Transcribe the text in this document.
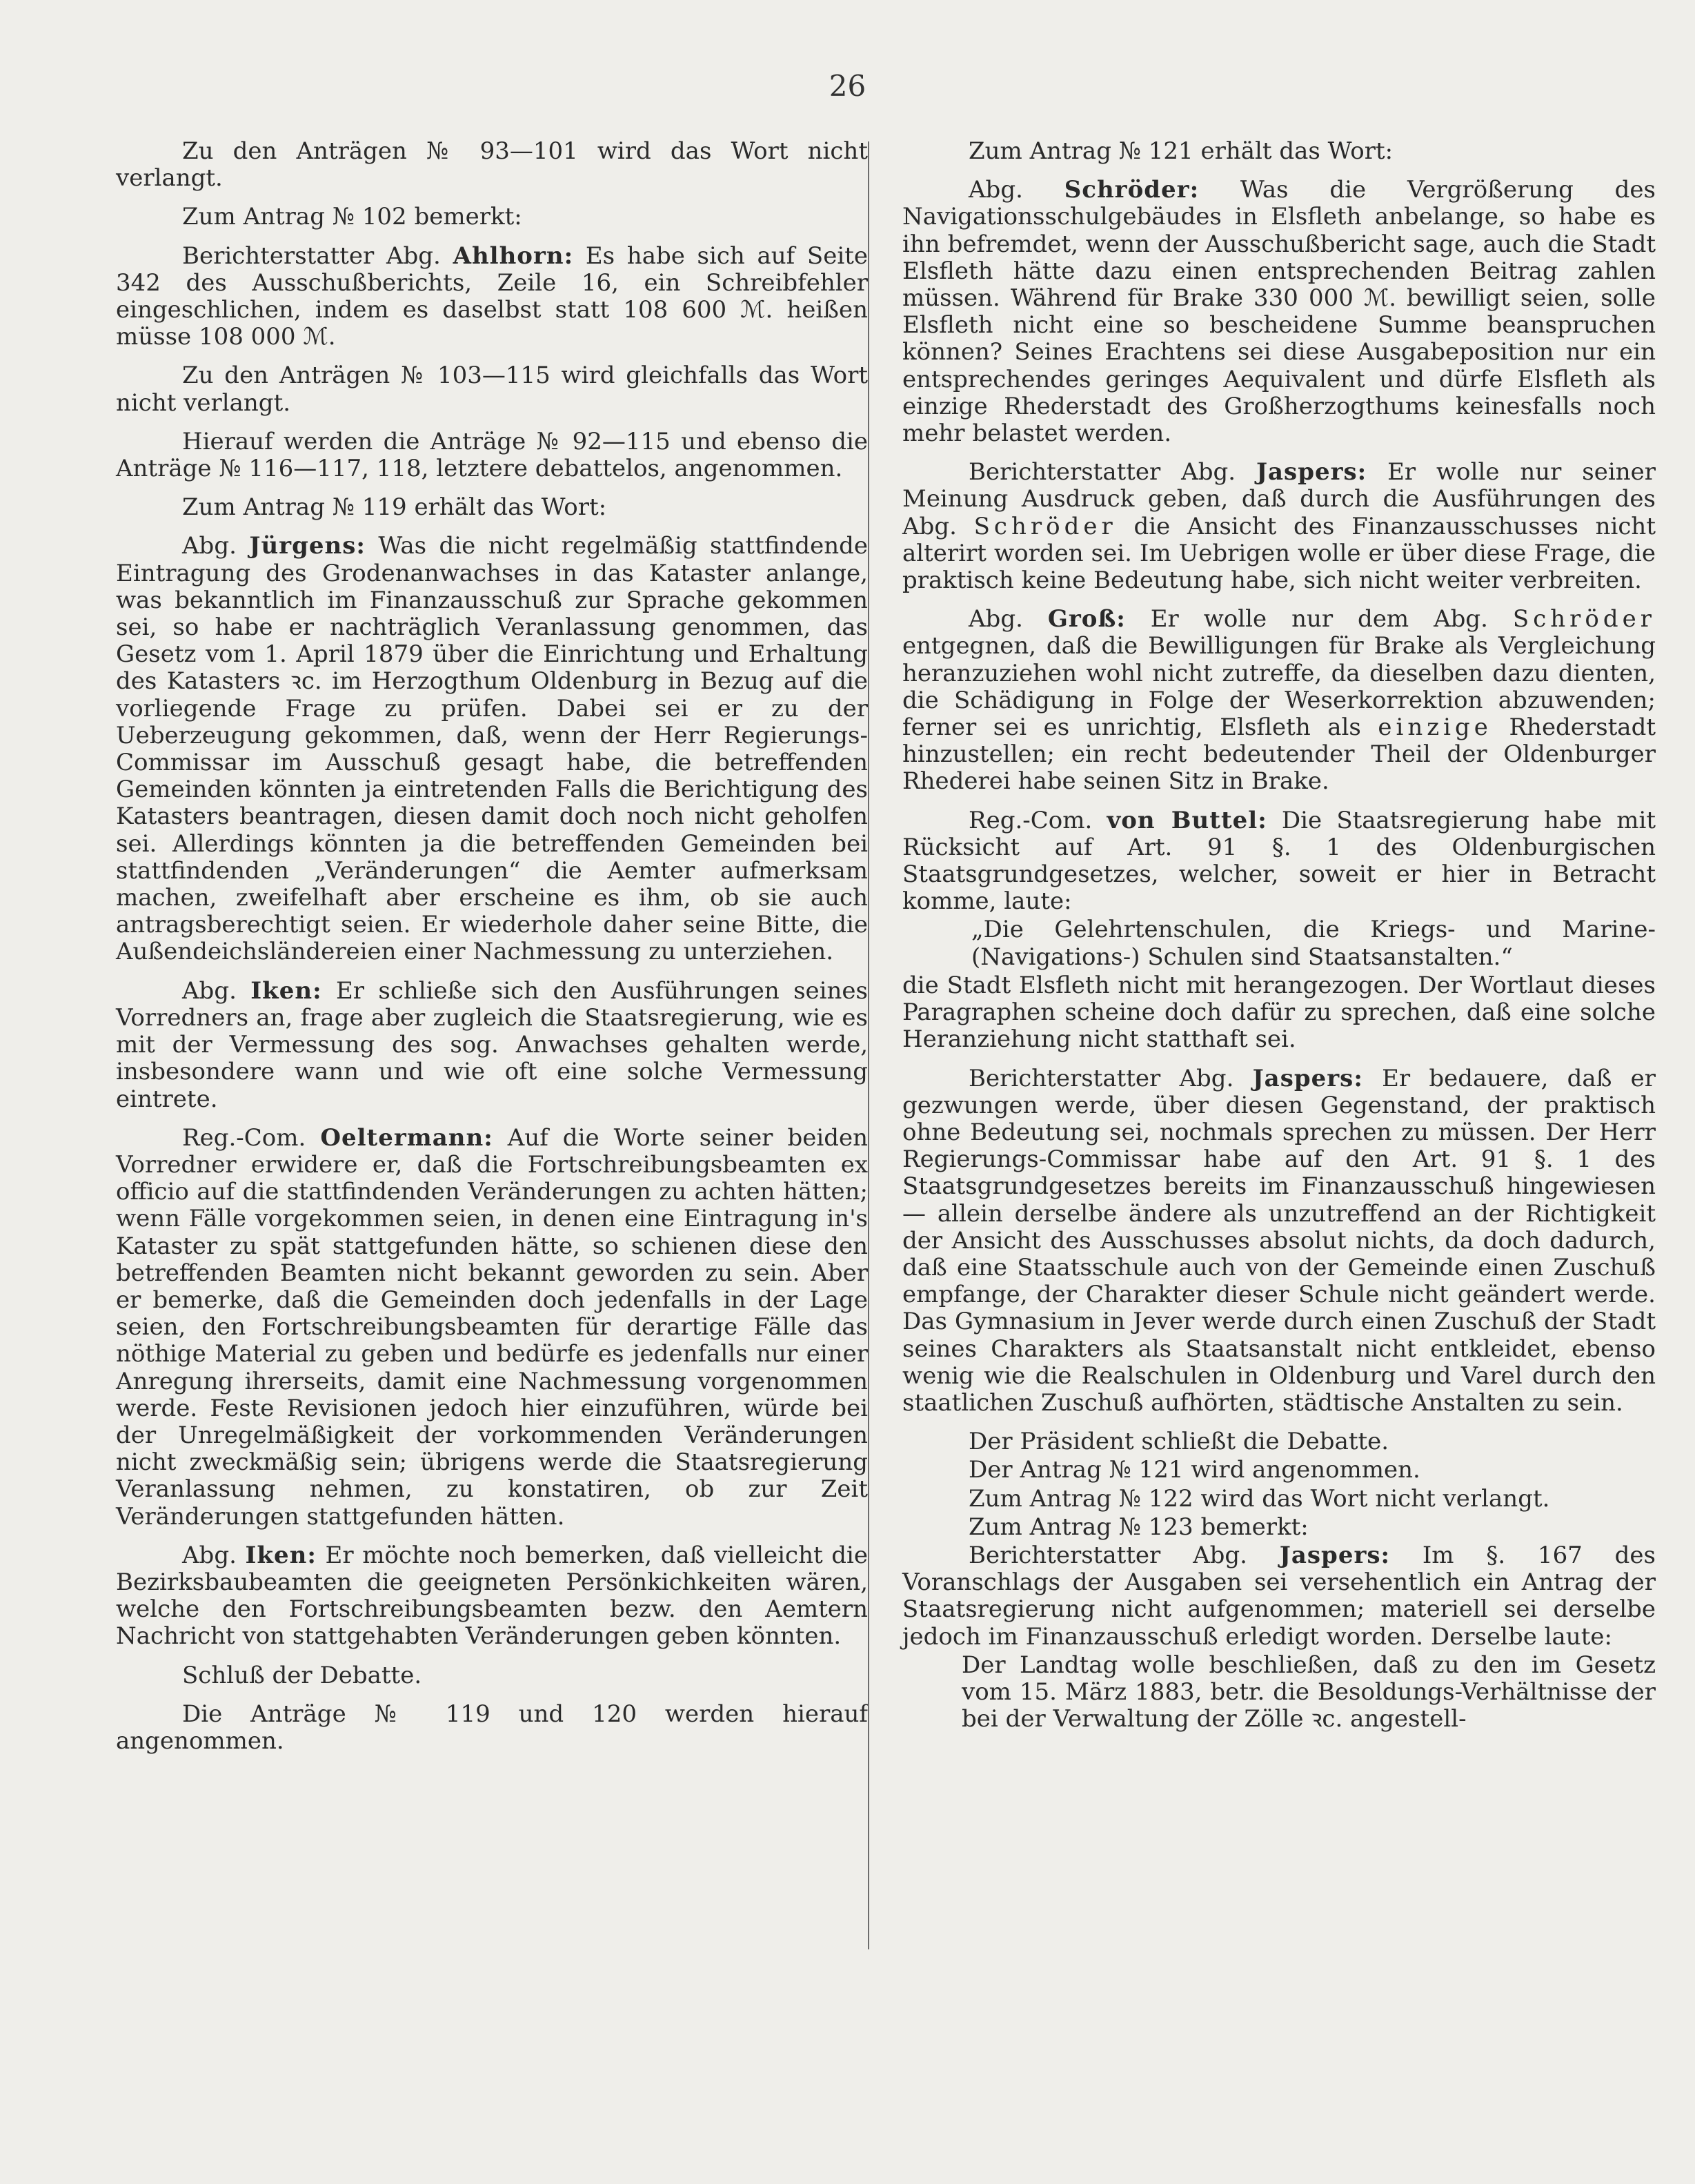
26

Zu den Anträgen № 93—101 wird das Wort nicht verlangt.

Zum Antrag № 102 bemerkt:

Berichterstatter Abg. Ahlhorn: Es habe sich auf Seite 342 des Ausschußberichts, Zeile 16, ein Schreibfehler eingeschlichen, indem es daselbst statt 108 600 ℳ. heißen müsse 108 000 ℳ.

Zu den Anträgen № 103—115 wird gleichfalls das Wort nicht verlangt.

Hierauf werden die Anträge № 92—115 und ebenso die Anträge № 116—117, 118, letztere debattelos, angenommen.

Zum Antrag № 119 erhält das Wort:

Abg. Jürgens: Was die nicht regelmäßig stattfindende Eintragung des Grodenanwachses in das Kataster anlange, was bekanntlich im Finanzausschuß zur Sprache gekommen sei, so habe er nachträglich Veranlassung genommen, das Gesetz vom 1. April 1879 über die Einrichtung und Erhaltung des Katasters ꝛc. im Herzogthum Oldenburg in Bezug auf die vorliegende Frage zu prüfen. Dabei sei er zu der Ueberzeugung gekommen, daß, wenn der Herr Regierungs-Commissar im Ausschuß gesagt habe, die betreffenden Gemeinden könnten ja eintretenden Falls die Berichtigung des Katasters beantragen, diesen damit doch noch nicht geholfen sei. Allerdings könnten ja die betreffenden Gemeinden bei stattfindenden „Veränderungen“ die Aemter aufmerksam machen, zweifelhaft aber erscheine es ihm, ob sie auch antragsberechtigt seien. Er wiederhole daher seine Bitte, die Außendeichsländereien einer Nachmessung zu unterziehen.

Abg. Iken: Er schließe sich den Ausführungen seines Vorredners an, frage aber zugleich die Staatsregierung, wie es mit der Vermessung des sog. Anwachses gehalten werde, insbesondere wann und wie oft eine solche Vermessung eintrete.

Reg.-Com. Oeltermann: Auf die Worte seiner beiden Vorredner erwidere er, daß die Fortschreibungsbeamten ex officio auf die stattfindenden Veränderungen zu achten hätten; wenn Fälle vorgekommen seien, in denen eine Eintragung in's Kataster zu spät stattgefunden hätte, so schienen diese den betreffenden Beamten nicht bekannt geworden zu sein. Aber er bemerke, daß die Gemeinden doch jedenfalls in der Lage seien, den Fortschreibungsbeamten für derartige Fälle das nöthige Material zu geben und bedürfe es jedenfalls nur einer Anregung ihrerseits, damit eine Nachmessung vorgenommen werde. Feste Revisionen jedoch hier einzuführen, würde bei der Unregelmäßigkeit der vorkommenden Veränderungen nicht zweckmäßig sein; übrigens werde die Staatsregierung Veranlassung nehmen, zu konstatiren, ob zur Zeit Veränderungen stattgefunden hätten.

Abg. Iken: Er möchte noch bemerken, daß vielleicht die Bezirksbaubeamten die geeigneten Persönkichkeiten wären, welche den Fortschreibungsbeamten bezw. den Aemtern Nachricht von stattgehabten Veränderungen geben könnten.

Schluß der Debatte.

Die Anträge № 119 und 120 werden hierauf angenommen.

Zum Antrag № 121 erhält das Wort:

Abg. Schröder: Was die Vergrößerung des Navigationsschulgebäudes in Elsfleth anbelange, so habe es ihn befremdet, wenn der Ausschußbericht sage, auch die Stadt Elsfleth hätte dazu einen entsprechenden Beitrag zahlen müssen. Während für Brake 330 000 ℳ. bewilligt seien, solle Elsfleth nicht eine so bescheidene Summe beanspruchen können? Seines Erachtens sei diese Ausgabeposition nur ein entsprechendes geringes Aequivalent und dürfe Elsfleth als einzige Rhederstadt des Großherzogthums keinesfalls noch mehr belastet werden.

Berichterstatter Abg. Jaspers: Er wolle nur seiner Meinung Ausdruck geben, daß durch die Ausführungen des Abg. Schröder die Ansicht des Finanzausschusses nicht alterirt worden sei. Im Uebrigen wolle er über diese Frage, die praktisch keine Bedeutung habe, sich nicht weiter verbreiten.

Abg. Groß: Er wolle nur dem Abg. Schröder entgegnen, daß die Bewilligungen für Brake als Vergleichung heranzuziehen wohl nicht zutreffe, da dieselben dazu dienten, die Schädigung in Folge der Weserkorrektion abzuwenden; ferner sei es unrichtig, Elsfleth als einzige Rhederstadt hinzustellen; ein recht bedeutender Theil der Oldenburger Rhederei habe seinen Sitz in Brake.

Reg.-Com. von Buttel: Die Staatsregierung habe mit Rücksicht auf Art. 91 §. 1 des Oldenburgischen Staatsgrundgesetzes, welcher, soweit er hier in Betracht komme, laute:

„Die Gelehrtenschulen, die Kriegs- und Marine- (Navigations-) Schulen sind Staatsanstalten.“

die Stadt Elsfleth nicht mit herangezogen. Der Wortlaut dieses Paragraphen scheine doch dafür zu sprechen, daß eine solche Heranziehung nicht statthaft sei.

Berichterstatter Abg. Jaspers: Er bedauere, daß er gezwungen werde, über diesen Gegenstand, der praktisch ohne Bedeutung sei, nochmals sprechen zu müssen. Der Herr Regierungs-Commissar habe auf den Art. 91 §. 1 des Staatsgrundgesetzes bereits im Finanzausschuß hingewiesen — allein derselbe ändere als unzutreffend an der Richtigkeit der Ansicht des Ausschusses absolut nichts, da doch dadurch, daß eine Staatsschule auch von der Gemeinde einen Zuschuß empfange, der Charakter dieser Schule nicht geändert werde. Das Gymnasium in Jever werde durch einen Zuschuß der Stadt seines Charakters als Staatsanstalt nicht entkleidet, ebenso wenig wie die Realschulen in Oldenburg und Varel durch den staatlichen Zuschuß aufhörten, städtische Anstalten zu sein.

Der Präsident schließt die Debatte.

Der Antrag № 121 wird angenommen.

Zum Antrag № 122 wird das Wort nicht verlangt.

Zum Antrag № 123 bemerkt:

Berichterstatter Abg. Jaspers: Im §. 167 des Voranschlags der Ausgaben sei versehentlich ein Antrag der Staatsregierung nicht aufgenommen; materiell sei derselbe jedoch im Finanzausschuß erledigt worden. Derselbe laute:

Der Landtag wolle beschließen, daß zu den im Gesetz vom 15. März 1883, betr. die Besoldungs-Verhältnisse der bei der Verwaltung der Zölle ꝛc. angestell-
